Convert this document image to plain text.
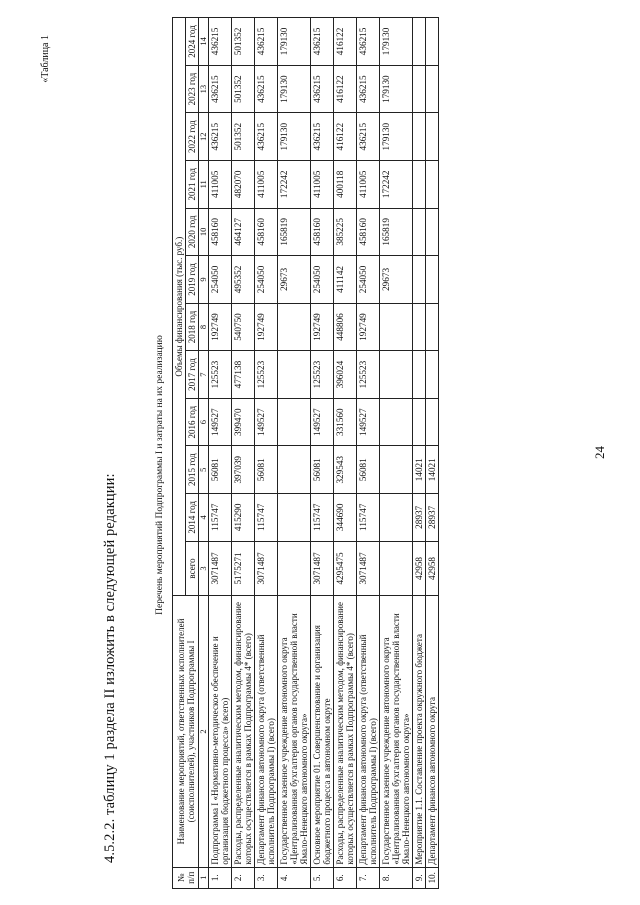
24
4.5.2.2. таблицу 1 раздела II изложить в следующей редакции:
«Таблица 1
Перечень мероприятий Подпрограммы I и затраты на их реализацию
№ п/п	Наименование мероприятий, ответственных исполнителей (соисполнителей), участников Подпрограммы I	Объемы финансирования (тыс. руб.)											
		всего	2014 год	2015 год	2016 год	2017 год	2018 год	2019 год	2020 год	2021 год	2022 год	2023 год	2024 год
1	2	3	4	5	6	7	8	9	10	11	12	13	14
1.	Подпрограмма I «Нормативно-методическое обеспечение и организация бюджетного процесса» (всего)	3071487	115747	56081	149527	125523	192749	254050	458160	411005	436215	436215	436215
2.	Расходы, распределенные аналитическим методом, финансирование которых осуществляется в рамках Подпрограммы 4* (всего)	5175271	415290	397039	399470	477138	540750	495352	464127	482070	501352	501352	501352
3.	Департамент финансов автономного округа (ответственный исполнитель Подпрограммы I) (всего)	3071487	115747	56081	149527	125523	192749	254050	458160	411005	436215	436215	436215
4.	Государственное казенное учреждение автономного округа «Централизованная бухгалтерия органов государственной власти Ямало-Ненецкого автономного округа»							29673	165819	172242	179130	179130	179130
5.	Основное мероприятие 01. Совершенствование и организация бюджетного процесса в автономном округе	3071487	115747	56081	149527	125523	192749	254050	458160	411005	436215	436215	436215
6.	Расходы, распределенные аналитическим методом, финансирование которых осуществляется в рамках Подпрограммы 4* (всего)	4295475	344690	329543	331560	396024	448806	411142	385225	400118	416122	416122	416122
7.	Департамент финансов автономного округа (ответственный исполнитель Подпрограммы I) (всего)	3071487	115747	56081	149527	125523	192749	254050	458160	411005	436215	436215	436215
8.	Государственное казенное учреждение автономного округа «Централизованная бухгалтерия органов государственной власти Ямало-Ненецкого автономного округа»							29673	165819	172242	179130	179130	179130
9.	Мероприятие 1.1. Составление проекта окружного бюджета	42958	28937	14021									
10.	Департамент финансов автономного округа	42958	28937	14021									
